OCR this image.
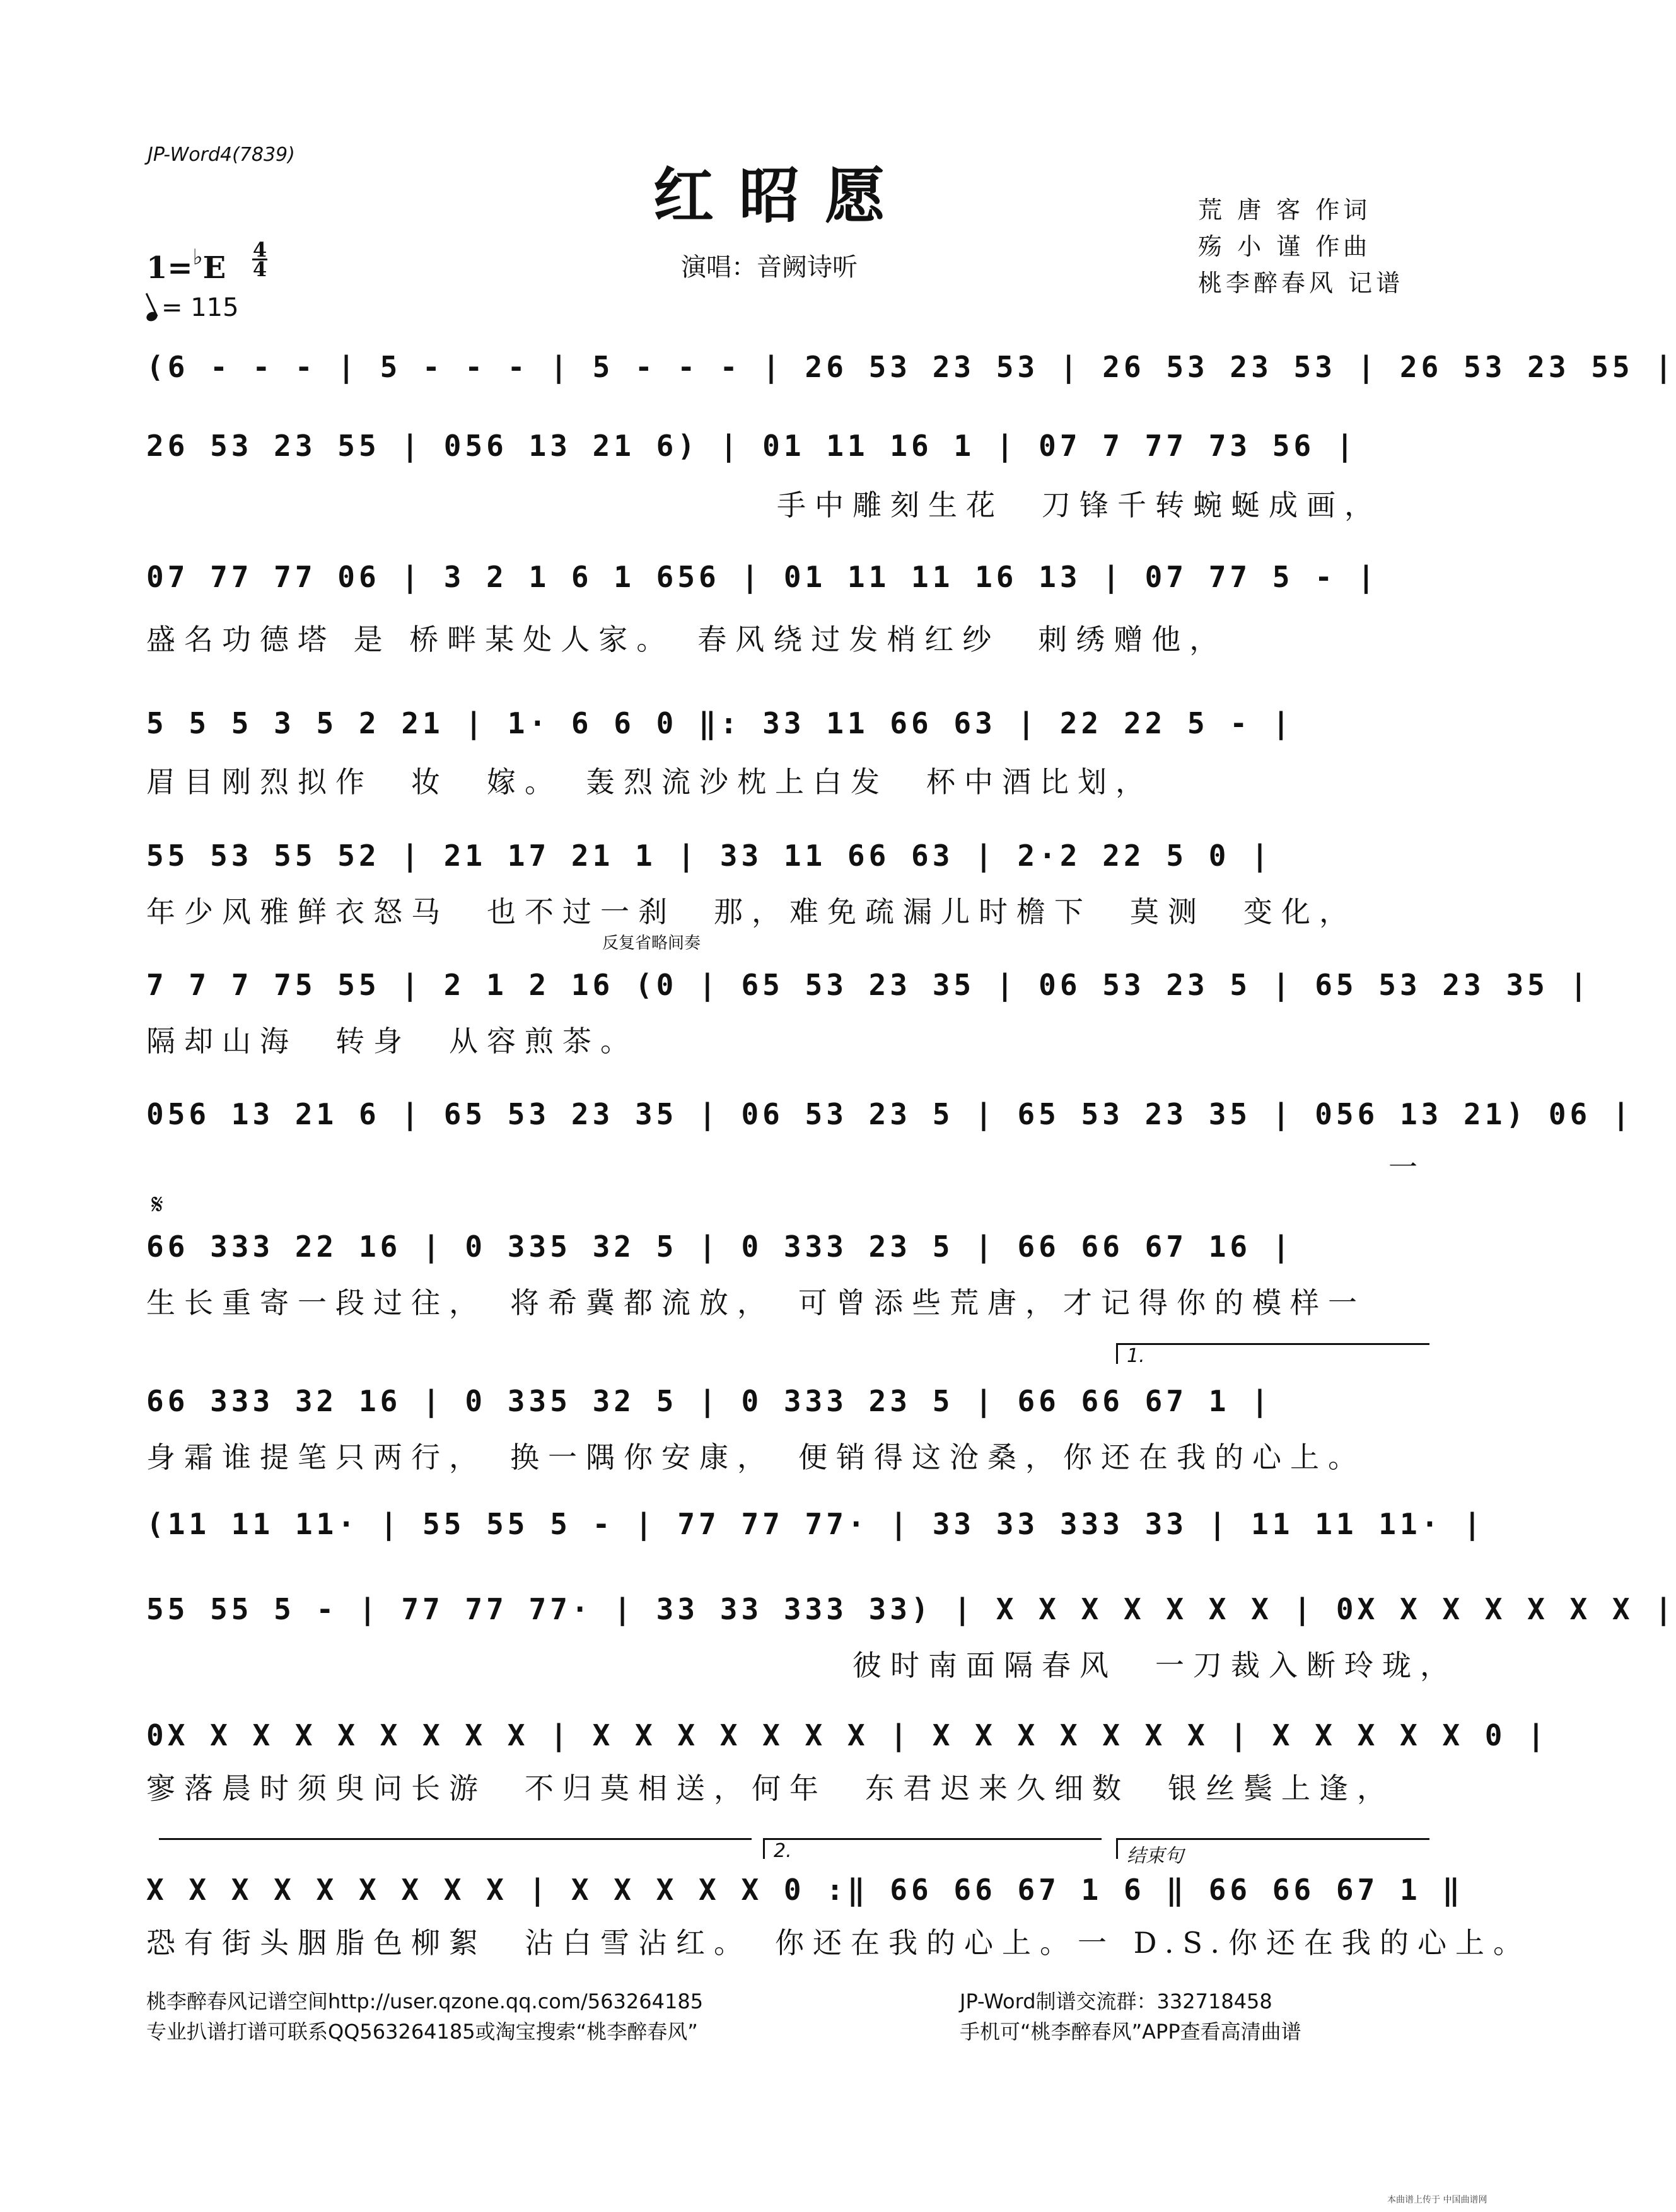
JP-Word4(7839)
红昭愿
演唱：音阙诗听
荒 唐 客 作词
殇 小 谨 作曲
桃李醉春风 记谱
1=♭E
4
4
= 115
(6 - - - | 5 - - - | 5 - - - | 26 53 23 53 | 26 53 23 53 | 26 53 23 55 |
26 53 23 55 | 056 13 21 6) | 01 11 16 1 | 07 7 77 73 56 |
手中雕刻生花　刀锋千转蜿蜒成画，
07 77 77 06 | 3 2 1 6 1 656 | 01 11 11 16 13 | 07 77 5 - |
盛名功德塔 是 桥畔某处人家。　春风绕过发梢红纱　刺绣赠他，
5 5 5 3 5 2 21 | 1· 6 6 0 ‖: 33 11 66 63 | 22 22 5 - |
眉目刚烈拟作　妆　嫁。　轰烈流沙枕上白发　杯中酒比划，
55 53 55 52 | 21 17 21 1 | 33 11 66 63 | 2·2 22 5 0 |
年少风雅鲜衣怒马　也不过一刹　那，难免疏漏儿时檐下　莫测　变化，
反复省略间奏
7 7 7 75 55 | 2 1 2 16 (0 | 65 53 23 35 | 06 53 23 5 | 65 53 23 35 |
隔却山海　转身　从容煎茶。
056 13 21 6 | 65 53 23 35 | 06 53 23 5 | 65 53 23 35 | 056 13 21) 06 |
一
𝄋
66 333 22 16 | 0 335 32 5 | 0 333 23 5 | 66 66 67 16 |
生长重寄一段过往，　将希冀都流放，　可曾添些荒唐，才记得你的模样一
1.
66 333 32 16 | 0 335 32 5 | 0 333 23 5 | 66 66 67 1 |
身霜谁提笔只两行，　换一隅你安康，　便销得这沧桑，你还在我的心上。
(11 11 11· | 55 55 5 - | 77 77 77· | 33 33 333 33 | 11 11 11· |
55 55 5 - | 77 77 77· | 33 33 333 33) | X X X X X X X | 0X X X X X X X |
彼时南面隔春风　一刀裁入断玲珑，
0X X X X X X X X X | X X X X X X X | X X X X X X X | X X X X X 0 |
寥落晨时须臾问长游　不归莫相送，何年　东君迟来久细数　银丝鬓上逢，
2.	结束句
X X X X X X X X X | X X X X X 0 :‖ 66 66 67 1 6 ‖ 66 66 67 1 ‖
恐有街头胭脂色柳絮　沾白雪沾红。　你还在我的心上。一 D.S.你还在我的心上。
桃李醉春风记谱空间http://user.qzone.qq.com/563264185
专业扒谱打谱可联系QQ563264185或淘宝搜索“桃李醉春风”
JP-Word制谱交流群：332718458
手机可“桃李醉春风”APP查看高清曲谱
本曲谱上传于 中国曲谱网
